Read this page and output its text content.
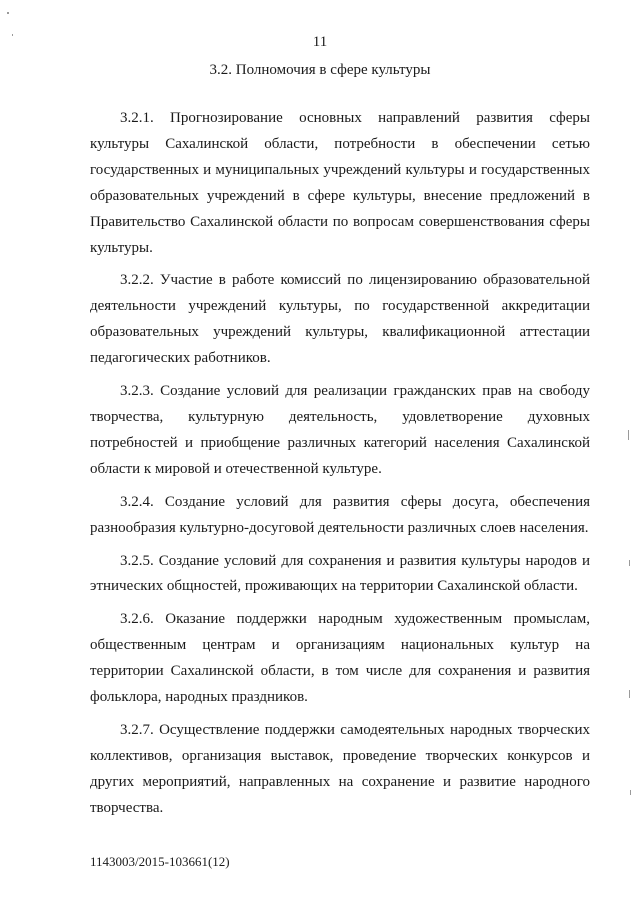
11
3.2. Полномочия в сфере культуры

3.2.1. Прогнозирование основных направлений развития сферы культуры Сахалинской области, потребности в обеспечении сетью государственных и муниципальных учреждений культуры и государственных образовательных учреждений в сфере культуры, внесение предложений в Правительство Сахалинской области по вопросам совершенствования сферы культуры.

3.2.2. Участие в работе комиссий по лицензированию образовательной деятельности учреждений культуры, по государственной аккредитации образовательных учреждений культуры, квалификационной аттестации педагогических работников.

3.2.3. Создание условий для реализации гражданских прав на свободу творчества, культурную деятельность, удовлетворение духовных потребностей и приобщение различных категорий населения Сахалинской области к мировой и отечественной культуре.

3.2.4. Создание условий для развития сферы досуга, обеспечения разнообразия культурно-досуговой деятельности различных слоев населения.

3.2.5. Создание условий для сохранения и развития культуры народов и этнических общностей, проживающих на территории Сахалинской области.

3.2.6. Оказание поддержки народным художественным промыслам, общественным центрам и организациям национальных культур на территории Сахалинской области, в том числе для сохранения и развития фольклора, народных праздников.

3.2.7. Осуществление поддержки самодеятельных народных творческих коллективов, организация выставок, проведение творческих конкурсов и других мероприятий, направленных на сохранение и развитие народного творчества.

1143003/2015-103661(12)
